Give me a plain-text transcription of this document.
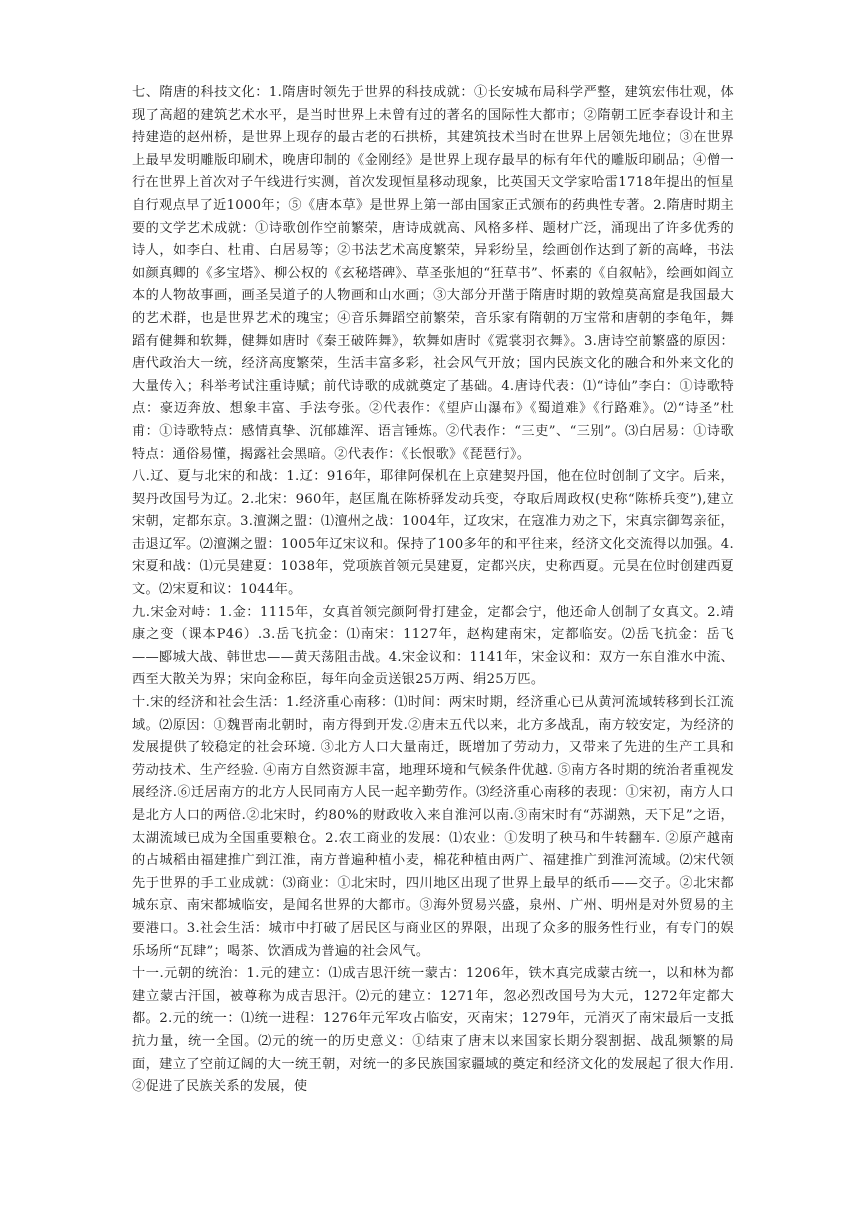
七、隋唐的科技文化：1.隋唐时领先于世界的科技成就：①长安城布局科学严整，建筑宏伟壮观，体现了高超的建筑艺术水平，是当时世界上未曾有过的著名的国际性大都市；②隋朝工匠李春设计和主持建造的赵州桥，是世界上现存的最古老的石拱桥，其建筑技术当时在世界上居领先地位；③在世界上最早发明雕版印刷术，晚唐印制的《金刚经》是世界上现存最早的标有年代的雕版印刷品；④僧一行在世界上首次对子午线进行实测，首次发现恒星移动现象，比英国天文学家哈雷1718年提出的恒星自行观点早了近1000年；⑤《唐本草》是世界上第一部由国家正式颁布的药典性专著。2.隋唐时期主要的文学艺术成就：①诗歌创作空前繁荣，唐诗成就高、风格多样、题材广泛，涌现出了许多优秀的诗人，如李白、杜甫、白居易等；②书法艺术高度繁荣，异彩纷呈，绘画创作达到了新的高峰，书法如颜真卿的《多宝塔》、柳公权的《玄秘塔碑》、草圣张旭的“狂草书”、怀素的《自叙帖》，绘画如阎立本的人物故事画，画圣吴道子的人物画和山水画；③大部分开凿于隋唐时期的敦煌莫高窟是我国最大的艺术群，也是世界艺术的瑰宝；④音乐舞蹈空前繁荣，音乐家有隋朝的万宝常和唐朝的李龟年，舞蹈有健舞和软舞，健舞如唐时《秦王破阵舞》，软舞如唐时《霓裳羽衣舞》。3.唐诗空前繁盛的原因：唐代政治大一统，经济高度繁荣，生活丰富多彩，社会风气开放；国内民族文化的融合和外来文化的大量传入；科举考试注重诗赋；前代诗歌的成就奠定了基础。4.唐诗代表：⑴“诗仙”李白：①诗歌特点：豪迈奔放、想象丰富、手法夸张。②代表作：《望庐山瀑布》《蜀道难》《行路难》。⑵“诗圣”杜甫：①诗歌特点：感情真挚、沉郁雄浑、语言锤炼。②代表作：“三吏”、“三别”。⑶白居易：①诗歌特点：通俗易懂，揭露社会黑暗。②代表作：《长恨歌》《琵琶行》。

八.辽、夏与北宋的和战：1.辽：916年，耶律阿保机在上京建契丹国，他在位时创制了文字。后来，契丹改国号为辽。2.北宋：960年，赵匡胤在陈桥驿发动兵变，夺取后周政权(史称“陈桥兵变”),建立宋朝，定都东京。3.澶渊之盟：⑴澶州之战：1004年，辽攻宋，在寇准力劝之下，宋真宗御驾亲征，击退辽军。⑵澶渊之盟：1005年辽宋议和。保持了100多年的和平往来，经济文化交流得以加强。4.宋夏和战：⑴元昊建夏：1038年，党项族首领元昊建夏，定都兴庆，史称西夏。元昊在位时创建西夏文。⑵宋夏和议：1044年。

九.宋金对峙：1.金：1115年，女真首领完颜阿骨打建金，定都会宁，他还命人创制了女真文。2.靖康之变（课本P46）.3.岳飞抗金：⑴南宋：1127年，赵构建南宋，定都临安。⑵岳飞抗金：岳飞——郾城大战、韩世忠——黄天荡阻击战。4.宋金议和：1141年，宋金议和：双方一东自淮水中流、西至大散关为界；宋向金称臣，每年向金贡送银25万两、绢25万匹。

十.宋的经济和社会生活：1.经济重心南移：⑴时间：两宋时期，经济重心已从黄河流域转移到长江流域。⑵原因：①魏晋南北朝时，南方得到开发.②唐末五代以来，北方多战乱，南方较安定，为经济的发展提供了较稳定的社会环境. ③北方人口大量南迁，既增加了劳动力，又带来了先进的生产工具和劳动技术、生产经验. ④南方自然资源丰富，地理环境和气候条件优越. ⑤南方各时期的统治者重视发展经济.⑥迁居南方的北方人民同南方人民一起辛勤劳作。⑶经济重心南移的表现：①宋初，南方人口是北方人口的两倍.②北宋时，约80%的财政收入来自淮河以南.③南宋时有“苏湖熟，天下足”之语，太湖流域已成为全国重要粮仓。2.农工商业的发展：⑴农业：①发明了秧马和牛转翻车. ②原产越南的占城稻由福建推广到江淮，南方普遍种植小麦，棉花种植由两广、福建推广到淮河流域。⑵宋代领先于世界的手工业成就：⑶商业：①北宋时，四川地区出现了世界上最早的纸币——交子。②北宋都城东京、南宋都城临安，是闻名世界的大都市。③海外贸易兴盛，泉州、广州、明州是对外贸易的主要港口。3.社会生活：城市中打破了居民区与商业区的界限，出现了众多的服务性行业，有专门的娱乐场所“瓦肆”；喝茶、饮酒成为普遍的社会风气。

十一.元朝的统治：1.元的建立：⑴成吉思汗统一蒙古：1206年，铁木真完成蒙古统一，以和林为都建立蒙古汗国，被尊称为成吉思汗。⑵元的建立：1271年，忽必烈改国号为大元，1272年定都大都。2.元的统一：⑴统一进程：1276年元军攻占临安，灭南宋；1279年，元消灭了南宋最后一支抵抗力量，统一全国。⑵元的统一的历史意义：①结束了唐末以来国家长期分裂割据、战乱频繁的局面，建立了空前辽阔的大一统王朝，对统一的多民族国家疆域的奠定和经济文化的发展起了很大作用. ②促进了民族关系的发展，使
